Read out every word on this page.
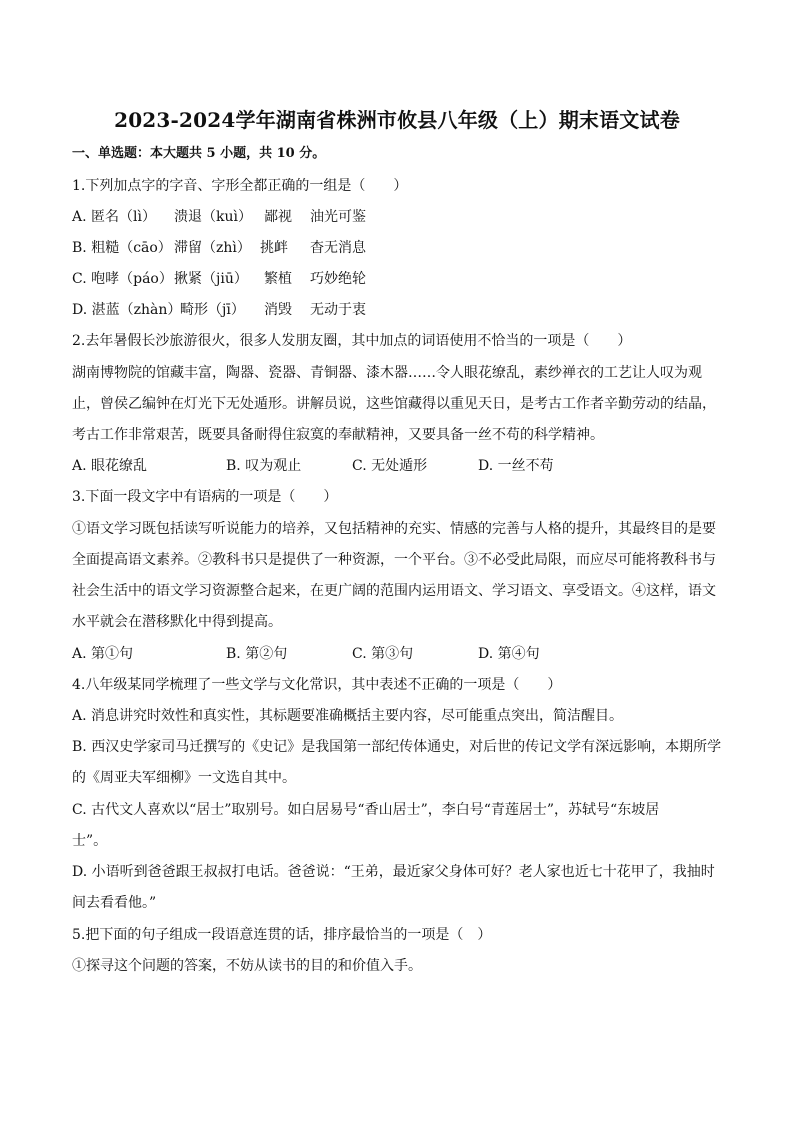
2023-2024学年湖南省株洲市攸县八年级（上）期末语文试卷
一、单选题：本大题共 5 小题，共 10 分。
1.下列加点字的字音、字形全都正确的一组是（　　）
A. 匿名（lì） 溃退（kuì） 鄙视 油光可鉴
B. 粗糙（cāo） 滞留（zhì） 挑衅 杳无消息
C. 咆哮（páo） 揪紧（jiū） 繁植 巧妙绝轮
D. 湛蓝（zhàn）
畸形（jī） 消毁 无动于衷
2.去年暑假长沙旅游很火，很多人发朋友圈，其中加点的词语使用不恰当的一项是（　　）
湖南博物院的馆藏丰富，陶器、瓷器、青铜器、漆木器……令人眼花缭乱，素纱禅衣的工艺让人叹为观
止，曾侯乙编钟在灯光下无处遁形。讲解员说，这些馆藏得以重见天日，是考古工作者辛勤劳动的结晶，
考古工作非常艰苦，既要具备耐得住寂寞的奉献精神，又要具备一丝不苟的科学精神。
A. 眼花缭乱	B. 叹为观止	C. 无处遁形	D. 一丝不苟
3.下面一段文字中有语病的一项是（　　）
①语文学习既包括读写听说能力的培养，又包括精神的充实、情感的完善与人格的提升，其最终目的是要
全面提高语文素养。②教科书只是提供了一种资源，一个平台。③不必受此局限，而应尽可能将教科书与
社会生活中的语文学习资源整合起来，在更广阔的范围内运用语文、学习语文、享受语文。④这样，语文
水平就会在潜移默化中得到提高。
A. 第①句	B. 第②句	C. 第③句	D. 第④句
4.八年级某同学梳理了一些文学与文化常识，其中表述不正确的一项是（　　）
A. 消息讲究时效性和真实性，其标题要准确概括主要内容，尽可能重点突出，简洁醒目。
B. 西汉史学家司马迁撰写的《史记》是我国第一部纪传体通史，对后世的传记文学有深远影响，本期所学
的《周亚夫军细柳》一文选自其中。
C. 古代文人喜欢以“居士”取别号。如白居易号“香山居士”，李白号“青莲居士”，苏轼号“东坡居
士”。
D. 小语听到爸爸跟王叔叔打电话。爸爸说：“王弟，最近家父身体可好？老人家也近七十花甲了，我抽时
间去看看他。”
5.把下面的句子组成一段语意连贯的话，排序最恰当的一项是（　）
①探寻这个问题的答案，不妨从读书的目的和价值入手。
